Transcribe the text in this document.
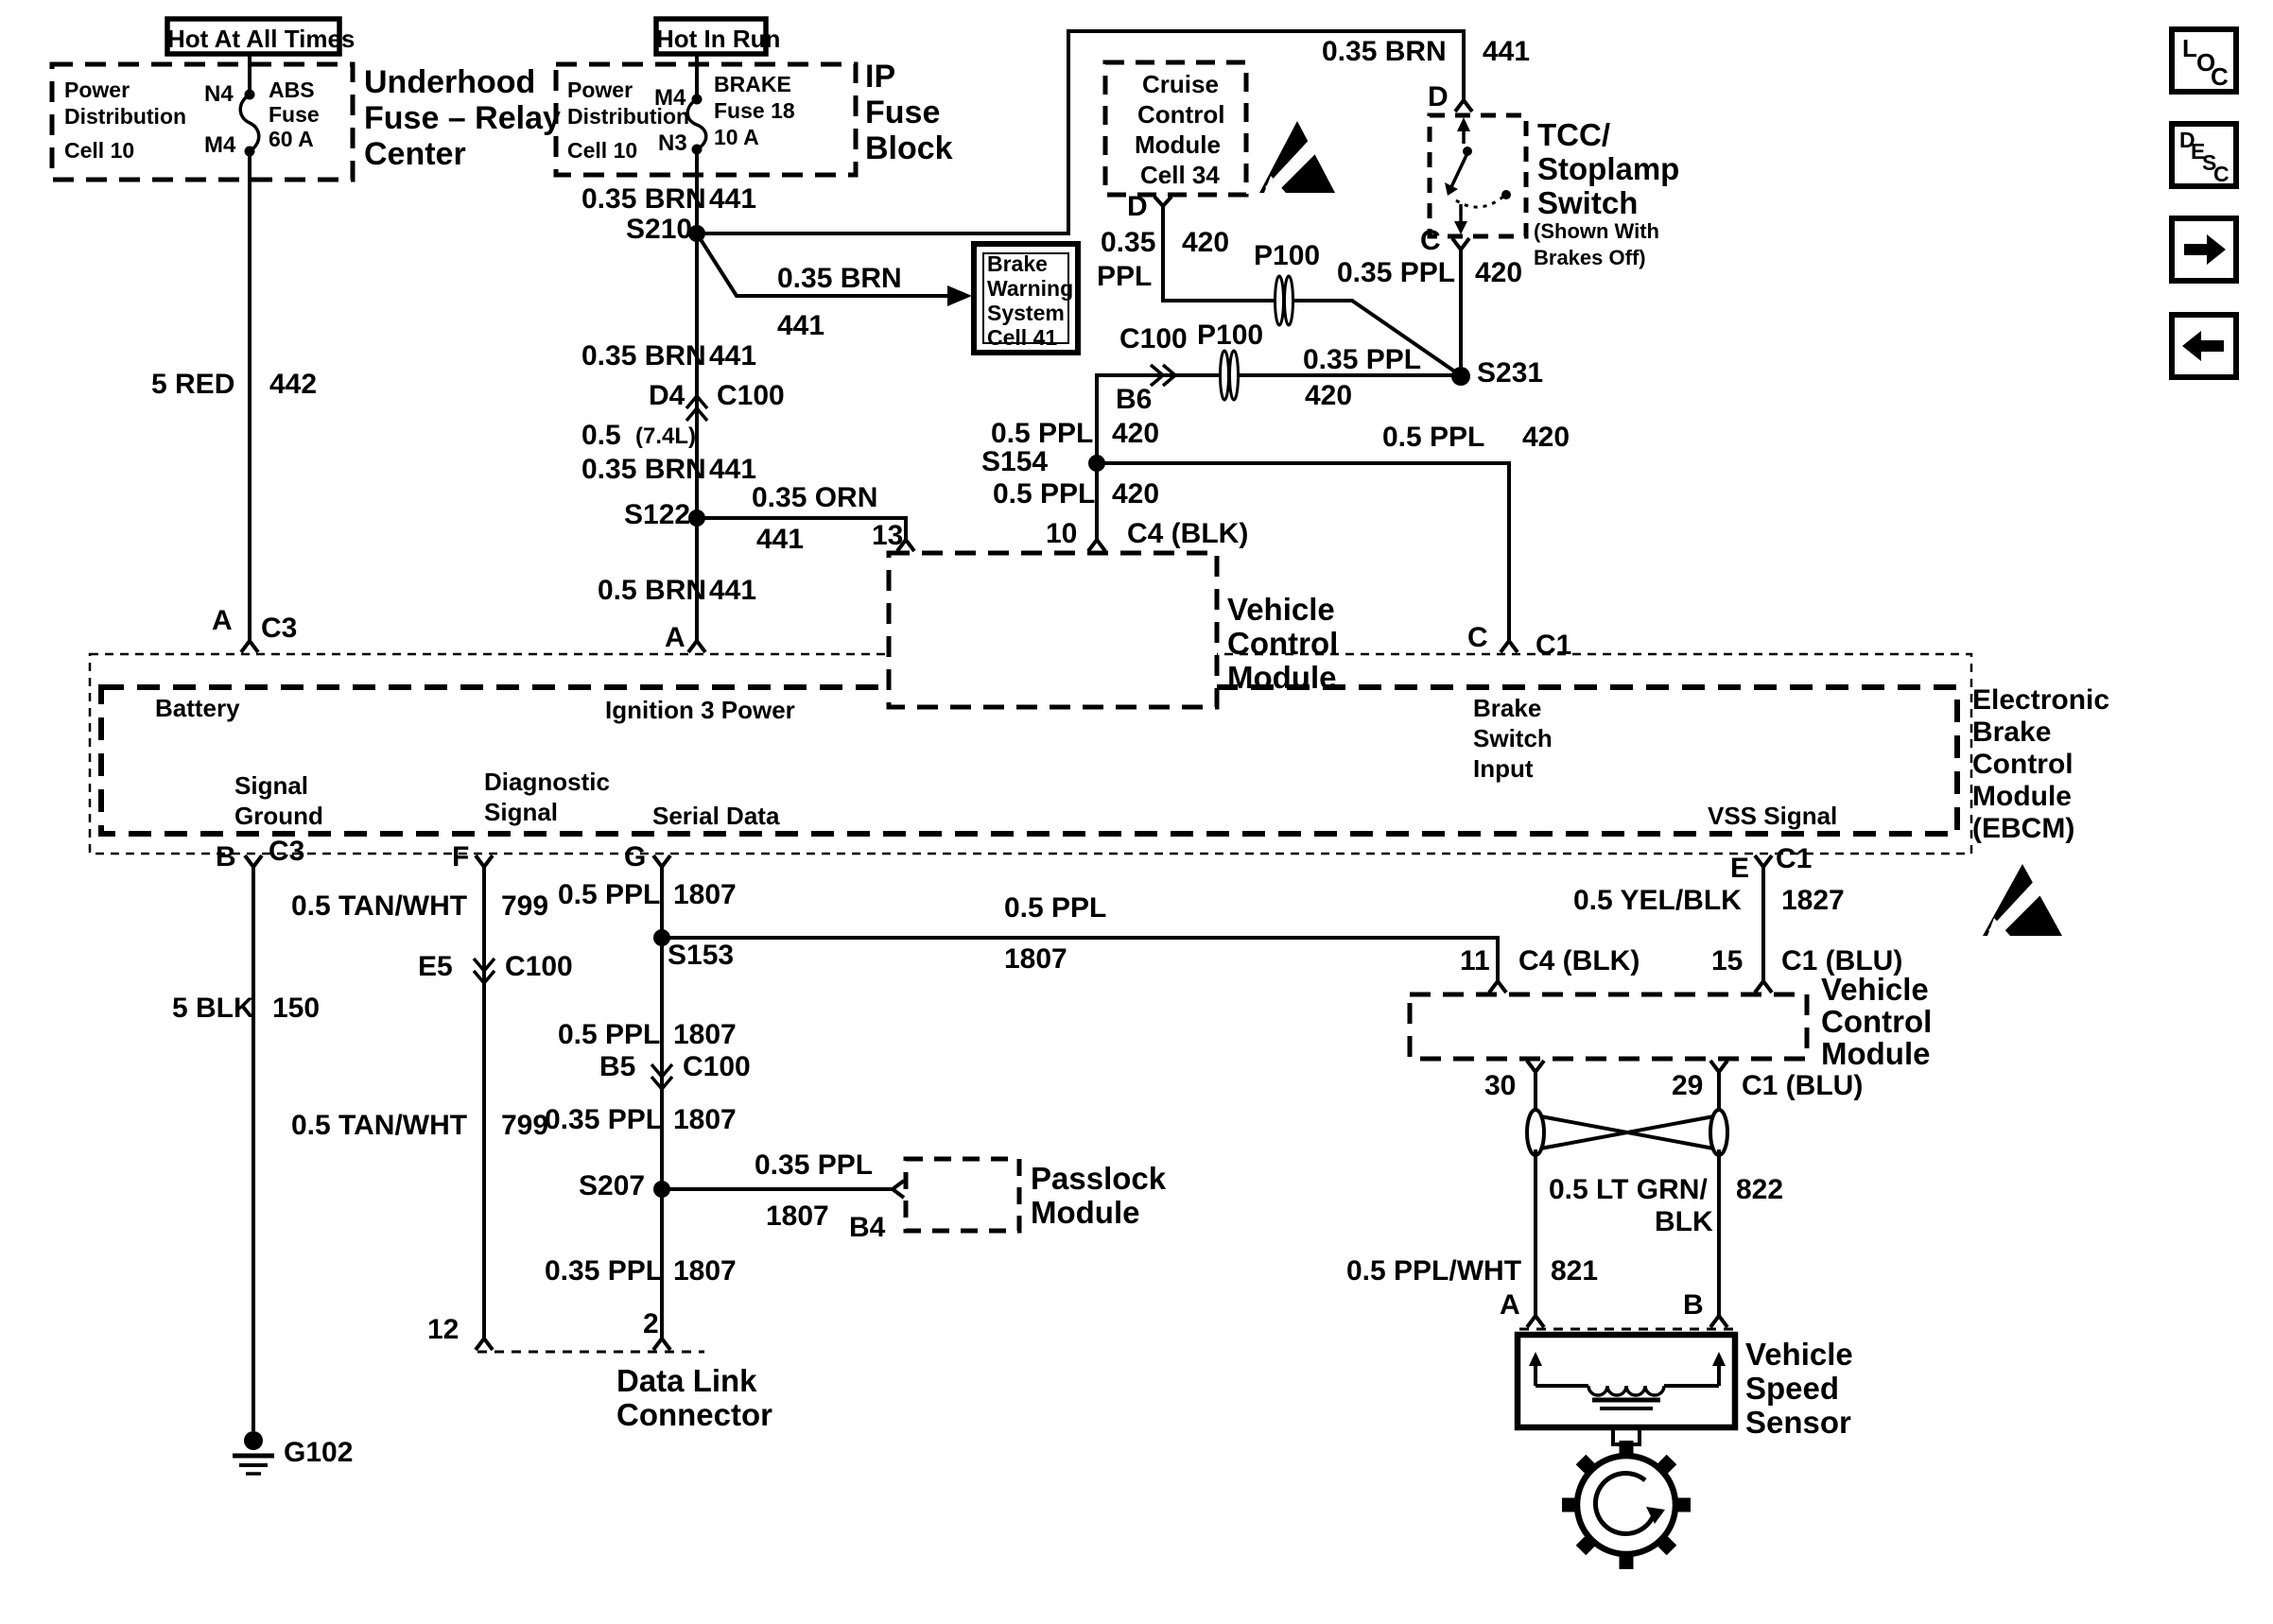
Hot At All Times	Hot In Run
Power
Distribution
Cell 10
N4
M4
ABS
Fuse
60 A
Underhood
Fuse – Relay
Center
Power
Distribution
Cell 10
M4
N3
BRAKE
Fuse 18
10 A
IP
Fuse
Block
0.35 BRN 441
S210
0.35 BRN 441
0.35 BRN
441
Brake
Warning
System
Cell 41
0.35 BRN 441
D4 C100
0.5 (7.4L)
0.35 BRN 441
S122
0.35 ORN
441
0.5 BRN 441
5 RED 442
Cruise
Control
Module
Cell 34
D
0.35
PPL
420 P100
P100
C100
B6
0.35 PPL 420
0.35 PPL
420
S231
D
TCC/
Stoplamp
Switch
(Shown With
Brakes Off)
C
0.5 PPL 420
S154
0.5 PPL 420
0.5 PPL 420
13	10 C4 (BLK)
Vehicle
Control
Module
A C3	A	C C1
Battery	Ignition 3 Power	Brake
Switch
Input
Signal
Ground
Diagnostic
Signal	Serial Data	VSS Signal
Electronic
Brake
Control
Module
(EBCM)
B C3	F	G	E C1
5 BLK 150
G102
0.5 TAN/WHT 799
E5 C100
0.5 TAN/WHT 799
12
0.5 PPL 1807
S153
0.5 PPL
1807
0.5 PPL 1807
B5 C100
0.35 PPL 1807
S207
0.35 PPL
1807 B4
Passlock
Module
0.35 PPL 1807
2
Data Link
Connector
0.5 YEL/BLK 1827
11 C4 (BLK)	15 C1 (BLU)
Vehicle
Control
Module
30	29 C1 (BLU)
0.5 LT GRN/
BLK
822
0.5 PPL/WHT 821
A	B
Vehicle
Speed
Sensor
L O
C
D
E
S
C
